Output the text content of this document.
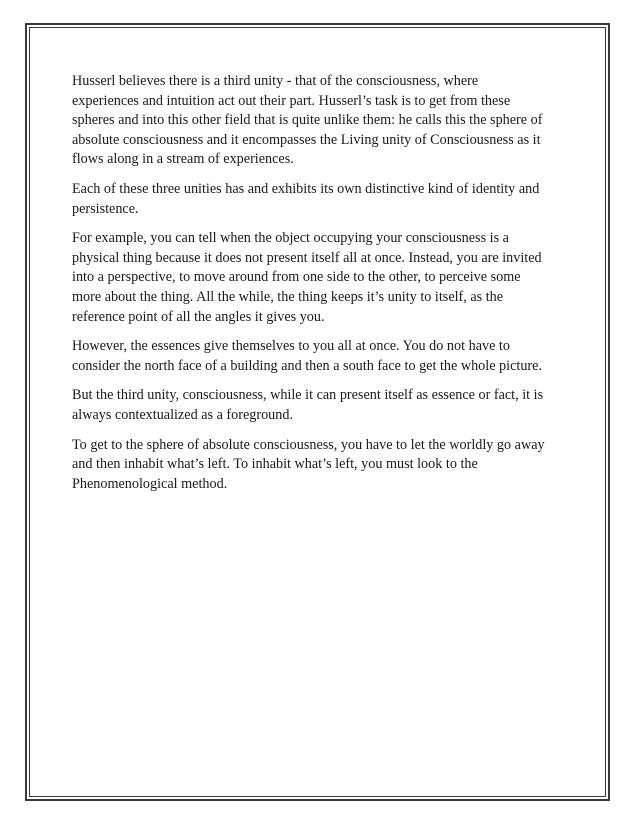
Husserl believes there is a third unity - that of the consciousness, where
experiences and intuition act out their part. Husserl’s task is to get from these
spheres and into this other field that is quite unlike them: he calls this the sphere of
absolute consciousness and it encompasses the Living unity of Consciousness as it
flows along in a stream of experiences.

Each of these three unities has and exhibits its own distinctive kind of identity and
persistence.

For example, you can tell when the object occupying your consciousness is a
physical thing because it does not present itself all at once. Instead, you are invited
into a perspective, to move around from one side to the other, to perceive some
more about the thing. All the while, the thing keeps it’s unity to itself, as the
reference point of all the angles it gives you.

However, the essences give themselves to you all at once. You do not have to
consider the north face of a building and then a south face to get the whole picture.

But the third unity, consciousness, while it can present itself as essence or fact, it is
always contextualized as a foreground.

To get to the sphere of absolute consciousness, you have to let the worldly go away
and then inhabit what’s left. To inhabit what’s left, you must look to the
Phenomenological method.
